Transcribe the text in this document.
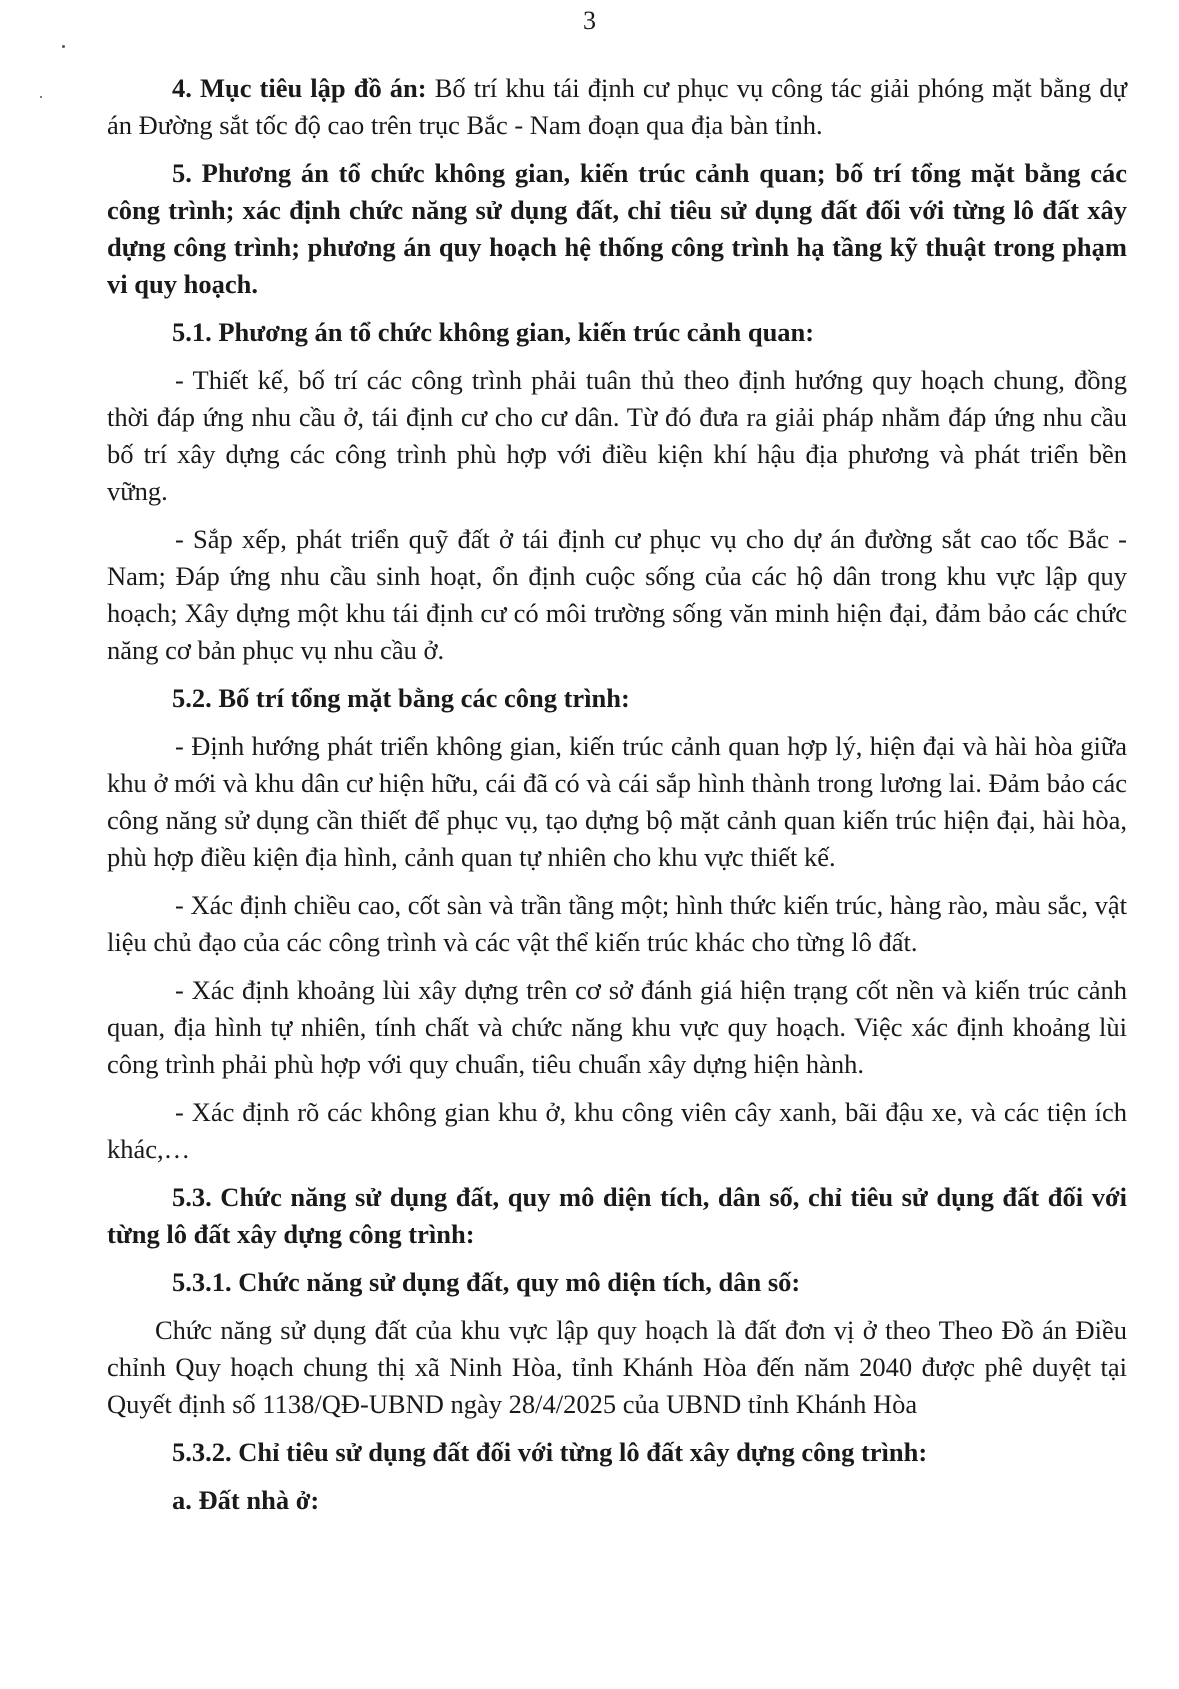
3

4. Mục tiêu lập đồ án: Bố trí khu tái định cư phục vụ công tác giải phóng mặt bằng dự án Đường sắt tốc độ cao trên trục Bắc - Nam đoạn qua địa bàn tỉnh.

5. Phương án tổ chức không gian, kiến trúc cảnh quan; bố trí tổng mặt bằng các công trình; xác định chức năng sử dụng đất, chỉ tiêu sử dụng đất đối với từng lô đất xây dựng công trình; phương án quy hoạch hệ thống công trình hạ tầng kỹ thuật trong phạm vi quy hoạch.

5.1. Phương án tổ chức không gian, kiến trúc cảnh quan:

- Thiết kế, bố trí các công trình phải tuân thủ theo định hướng quy hoạch chung, đồng thời đáp ứng nhu cầu ở, tái định cư cho cư dân. Từ đó đưa ra giải pháp nhằm đáp ứng nhu cầu bố trí xây dựng các công trình phù hợp với điều kiện khí hậu địa phương và phát triển bền vững.

- Sắp xếp, phát triển quỹ đất ở tái định cư phục vụ cho dự án đường sắt cao tốc Bắc - Nam; Đáp ứng nhu cầu sinh hoạt, ổn định cuộc sống của các hộ dân trong khu vực lập quy hoạch; Xây dựng một khu tái định cư có môi trường sống văn minh hiện đại, đảm bảo các chức năng cơ bản phục vụ nhu cầu ở.

5.2. Bố trí tổng mặt bằng các công trình:

- Định hướng phát triển không gian, kiến trúc cảnh quan hợp lý, hiện đại và hài hòa giữa khu ở mới và khu dân cư hiện hữu, cái đã có và cái sắp hình thành trong lương lai. Đảm bảo các công năng sử dụng cần thiết để phục vụ, tạo dựng bộ mặt cảnh quan kiến trúc hiện đại, hài hòa, phù hợp điều kiện địa hình, cảnh quan tự nhiên cho khu vực thiết kế.

- Xác định chiều cao, cốt sàn và trần tầng một; hình thức kiến trúc, hàng rào, màu sắc, vật liệu chủ đạo của các công trình và các vật thể kiến trúc khác cho từng lô đất.

- Xác định khoảng lùi xây dựng trên cơ sở đánh giá hiện trạng cốt nền và kiến trúc cảnh quan, địa hình tự nhiên, tính chất và chức năng khu vực quy hoạch. Việc xác định khoảng lùi công trình phải phù hợp với quy chuẩn, tiêu chuẩn xây dựng hiện hành.

- Xác định rõ các không gian khu ở, khu công viên cây xanh, bãi đậu xe, và các tiện ích khác,…

5.3. Chức năng sử dụng đất, quy mô diện tích, dân số, chỉ tiêu sử dụng đất đối với từng lô đất xây dựng công trình:

5.3.1. Chức năng sử dụng đất, quy mô diện tích, dân số:

Chức năng sử dụng đất của khu vực lập quy hoạch là đất đơn vị ở theo Theo Đồ án Điều chỉnh Quy hoạch chung thị xã Ninh Hòa, tỉnh Khánh Hòa đến năm 2040 được phê duyệt tại Quyết định số 1138/QĐ-UBND ngày 28/4/2025 của UBND tỉnh Khánh Hòa

5.3.2. Chỉ tiêu sử dụng đất đối với từng lô đất xây dựng công trình:

a. Đất nhà ở:
